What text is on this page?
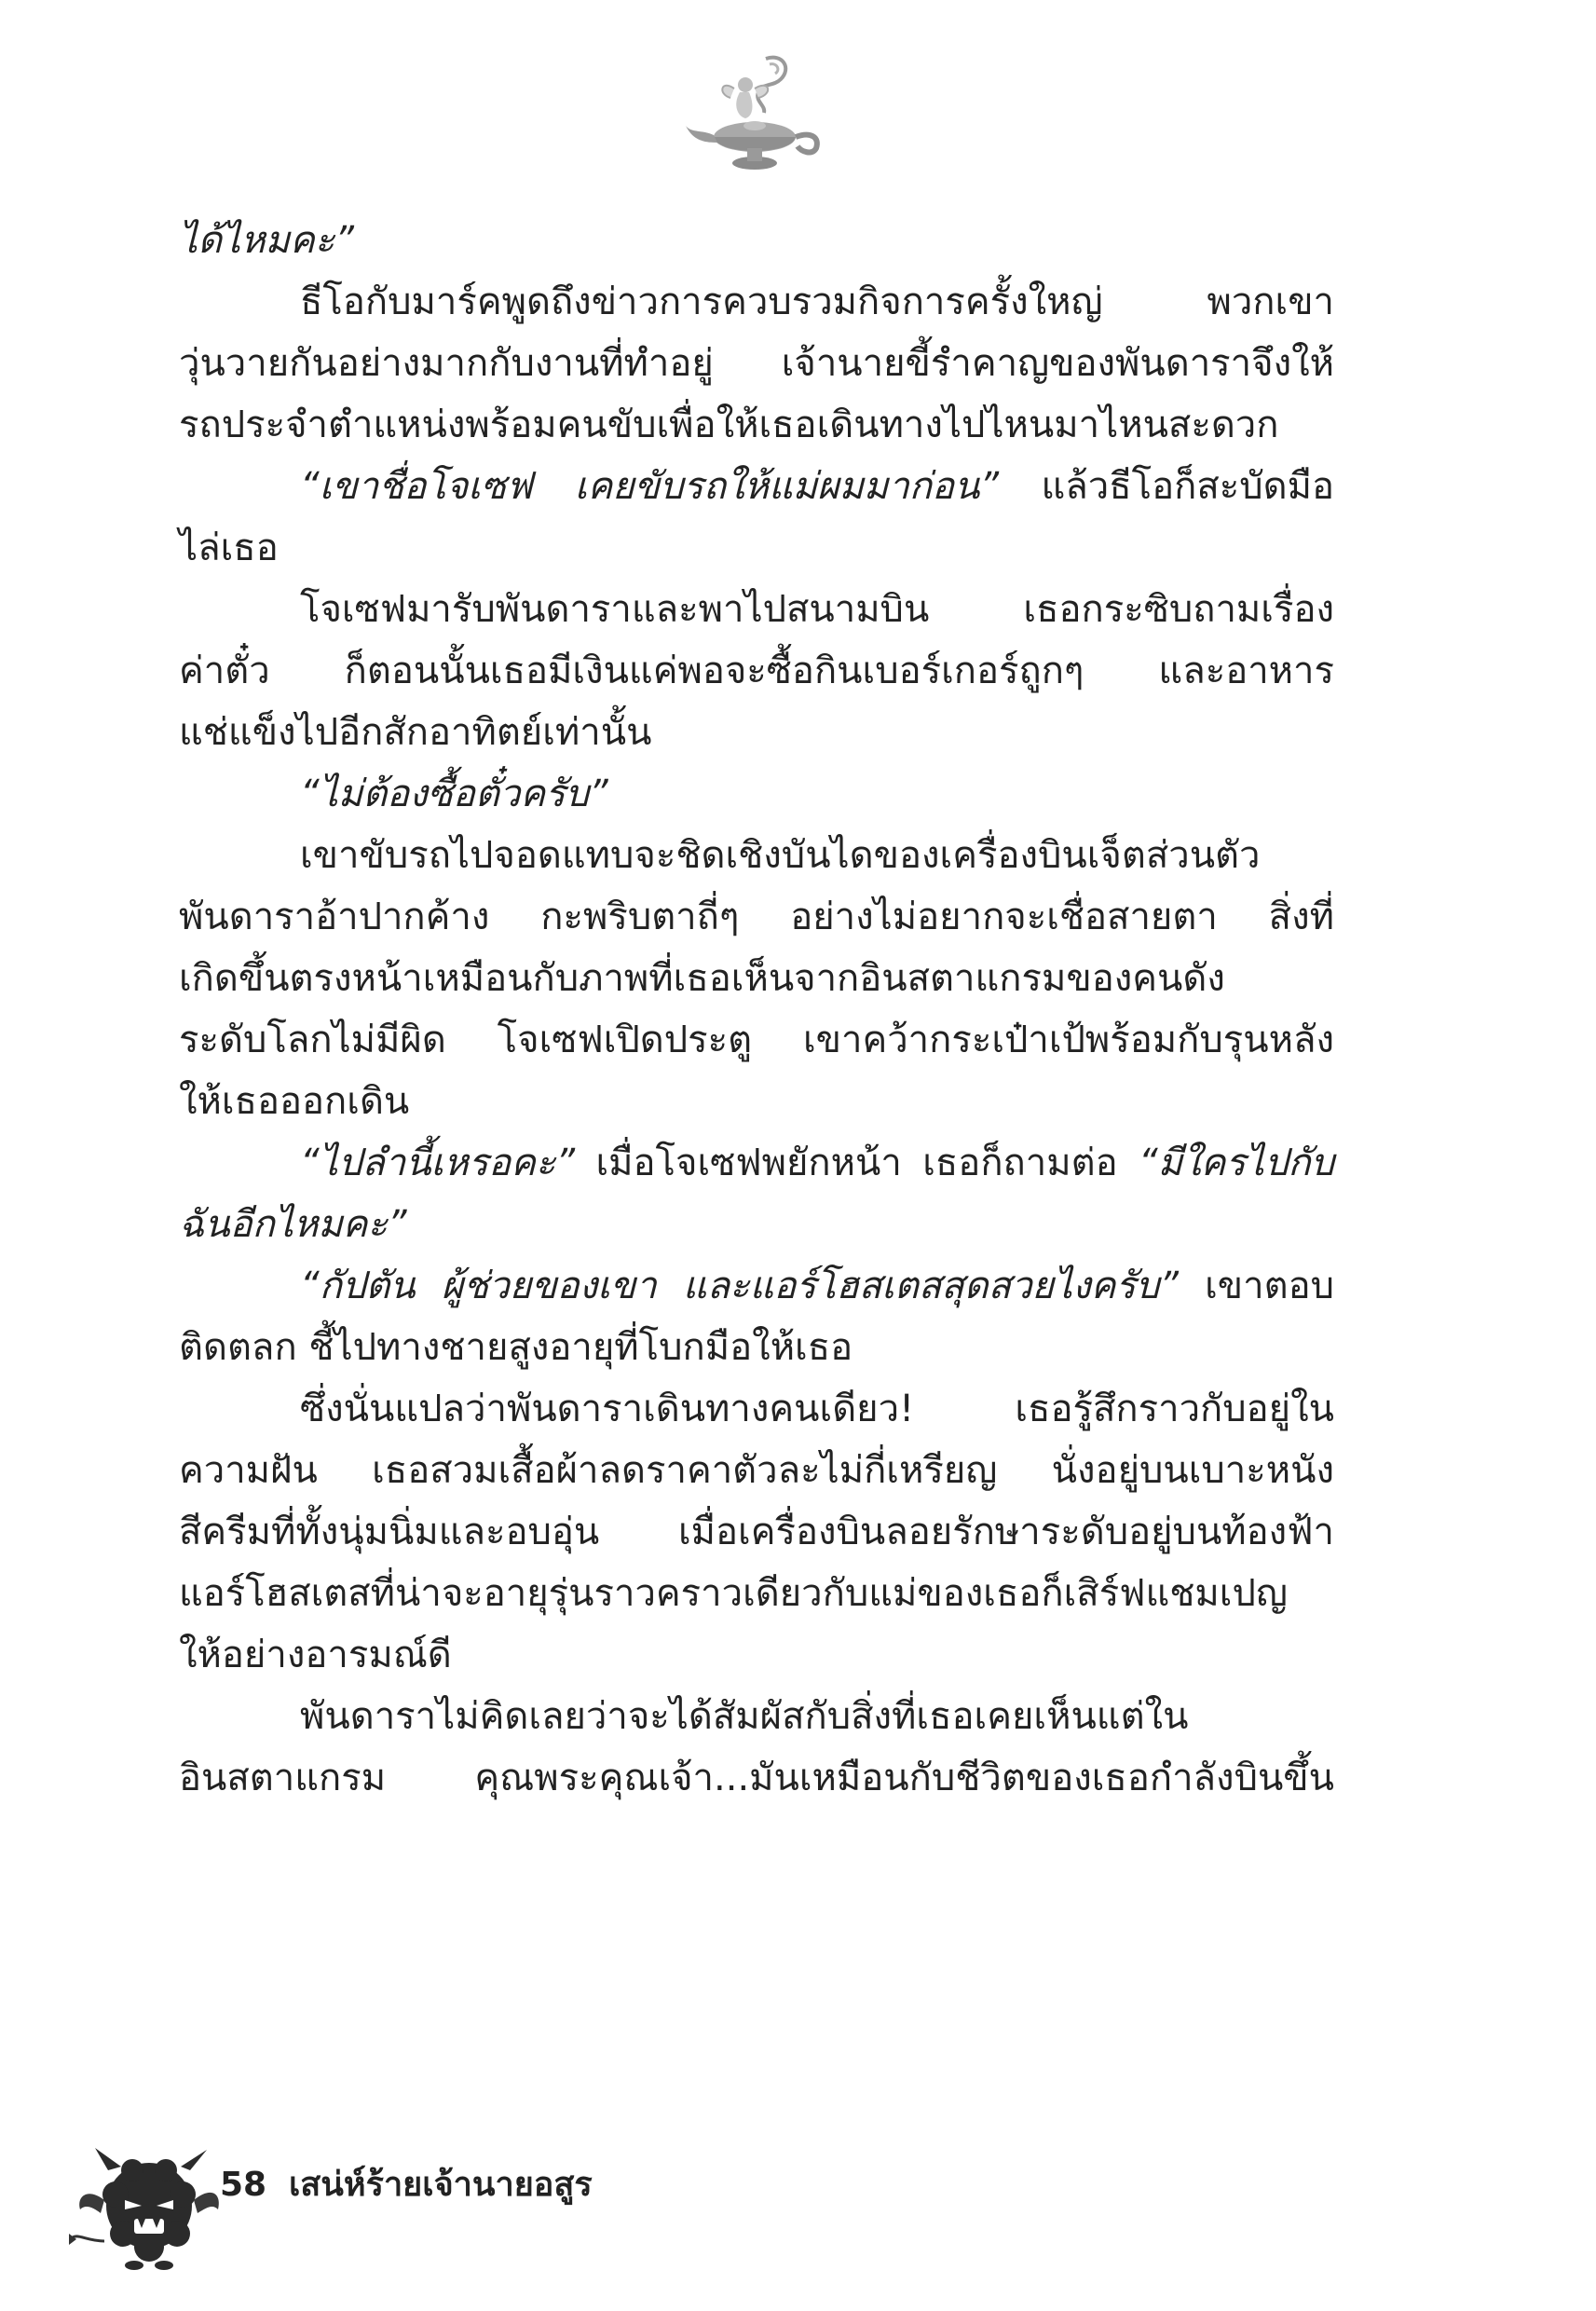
ได้ไหมคะ”
ธีโอกับมาร์คพูดถึงข่าวการควบรวมกิจการครั้งใหญ่ พวกเขา
วุ่นวายกันอย่างมากกับงานที่ทำอยู่ เจ้านายขี้รำคาญของพันดาราจึงให้
รถประจำตำแหน่งพร้อมคนขับเพื่อให้เธอเดินทางไปไหนมาไหนสะดวก
“เขาชื่อโจเซฟ เคยขับรถให้แม่ผมมาก่อน” แล้วธีโอก็สะบัดมือ
ไล่เธอ
โจเซฟมารับพันดาราและพาไปสนามบิน เธอกระซิบถามเรื่อง
ค่าตั๋ว ก็ตอนนั้นเธอมีเงินแค่พอจะซื้อกินเบอร์เกอร์ถูกๆ และอาหาร
แช่แข็งไปอีกสักอาทิตย์เท่านั้น
“ไม่ต้องซื้อตั๋วครับ”
เขาขับรถไปจอดแทบจะชิดเชิงบันไดของเครื่องบินเจ็ตส่วนตัว
พันดาราอ้าปากค้าง กะพริบตาถี่ๆ อย่างไม่อยากจะเชื่อสายตา สิ่งที่
เกิดขึ้นตรงหน้าเหมือนกับภาพที่เธอเห็นจากอินสตาแกรมของคนดัง
ระดับโลกไม่มีผิด โจเซฟเปิดประตู เขาคว้ากระเป๋าเป้พร้อมกับรุนหลัง
ให้เธอออกเดิน
“ไปลำนี้เหรอคะ” เมื่อโจเซฟพยักหน้า เธอก็ถามต่อ “มีใครไปกับ
ฉันอีกไหมคะ”
“กัปตัน ผู้ช่วยของเขา และแอร์โฮสเตสสุดสวยไงครับ” เขาตอบ
ติดตลก ชี้ไปทางชายสูงอายุที่โบกมือให้เธอ
ซึ่งนั่นแปลว่าพันดาราเดินทางคนเดียว! เธอรู้สึกราวกับอยู่ใน
ความฝัน เธอสวมเสื้อผ้าลดราคาตัวละไม่กี่เหรียญ นั่งอยู่บนเบาะหนัง
สีครีมที่ทั้งนุ่มนิ่มและอบอุ่น เมื่อเครื่องบินลอยรักษาระดับอยู่บนท้องฟ้า
แอร์โฮสเตสที่น่าจะอายุรุ่นราวคราวเดียวกับแม่ของเธอก็เสิร์ฟแชมเปญ
ให้อย่างอารมณ์ดี
พันดาราไม่คิดเลยว่าจะได้สัมผัสกับสิ่งที่เธอเคยเห็นแต่ใน
อินสตาแกรม คุณพระคุณเจ้า...มันเหมือนกับชีวิตของเธอกำลังบินขึ้น
58 เสน่ห์ร้ายเจ้านายอสูร
